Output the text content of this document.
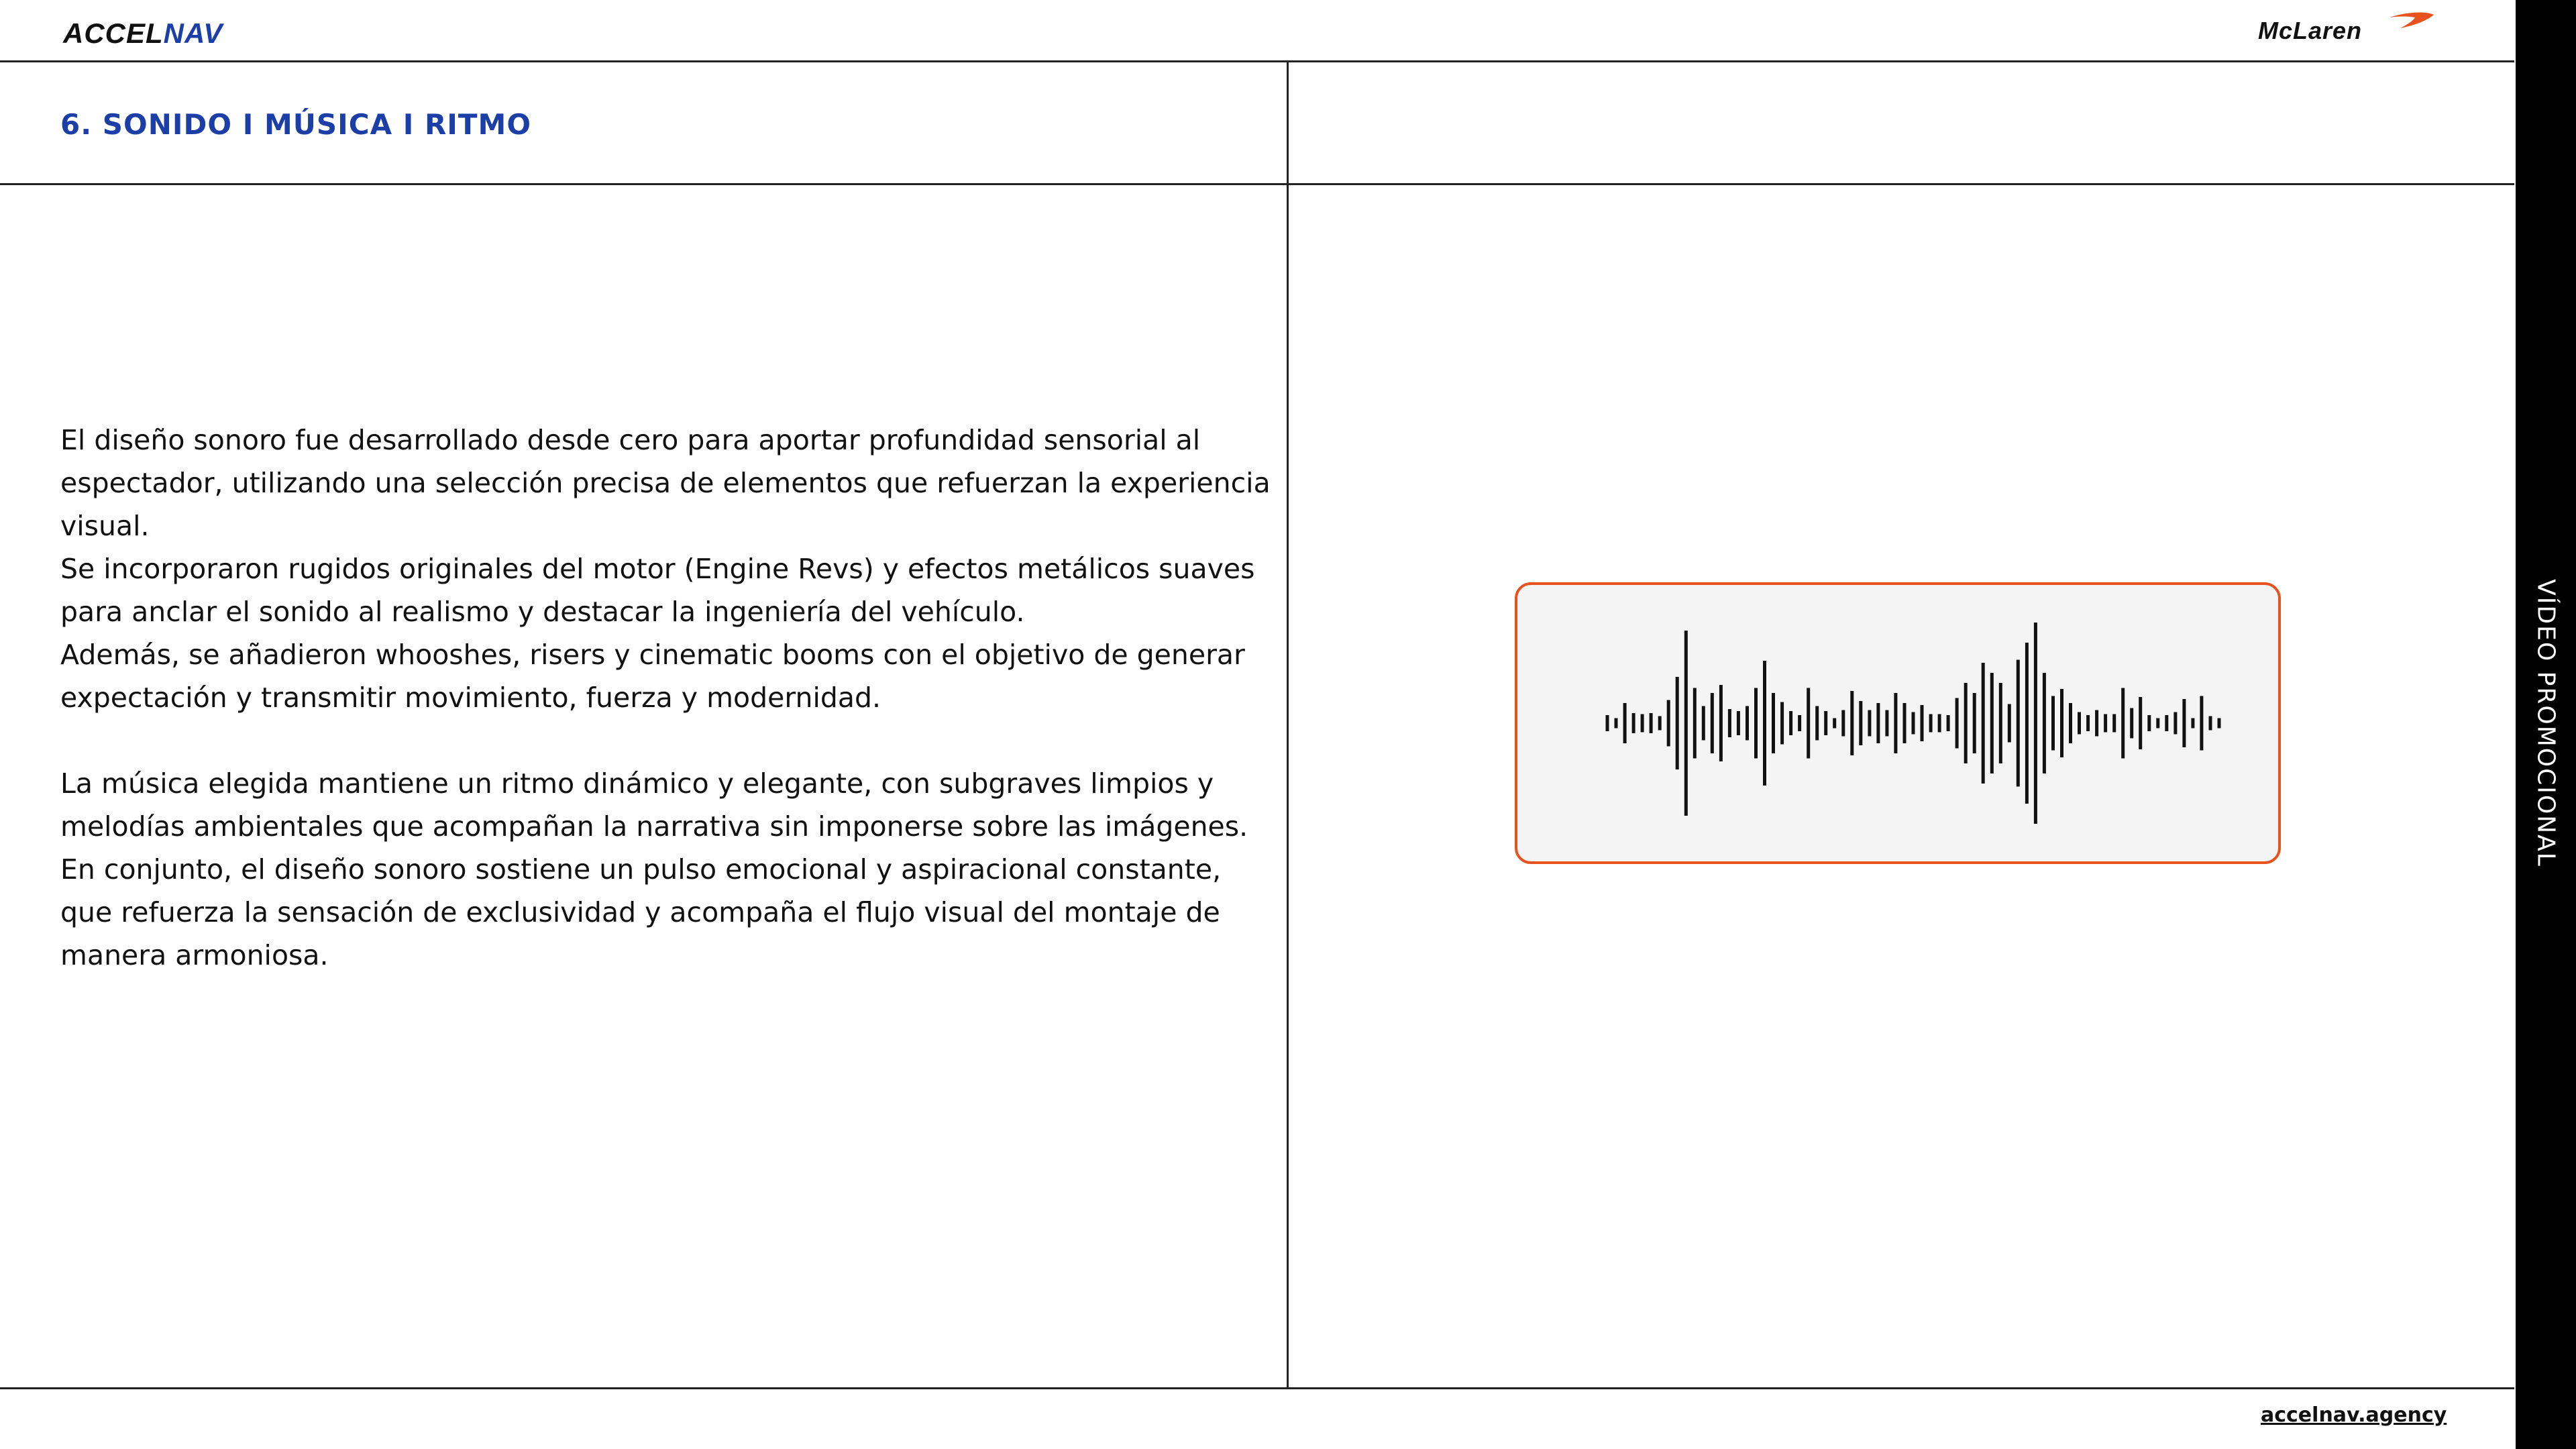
ACCELNAV	McLaren
6. SONIDO I MÚSICA I RITMO

El diseño sonoro fue desarrollado desde cero para aportar profundidad sensorial al espectador, utilizando una selección precisa de elementos que refuerzan la experiencia visual.

Se incorporaron rugidos originales del motor (Engine Revs) y efectos metálicos suaves para anclar el sonido al realismo y destacar la ingeniería del vehículo.

Además, se añadieron whooshes, risers y cinematic booms con el objetivo de generar expectación y transmitir movimiento, fuerza y modernidad.

La música elegida mantiene un ritmo dinámico y elegante, con subgraves limpios y melodías ambientales que acompañan la narrativa sin imponerse sobre las imágenes.

En conjunto, el diseño sonoro sostiene un pulso emocional y aspiracional constante, que refuerza la sensación de exclusividad y acompaña el flujo visual del montaje de manera armoniosa.

VÍDEO PROMOCIONAL
accelnav.agency
